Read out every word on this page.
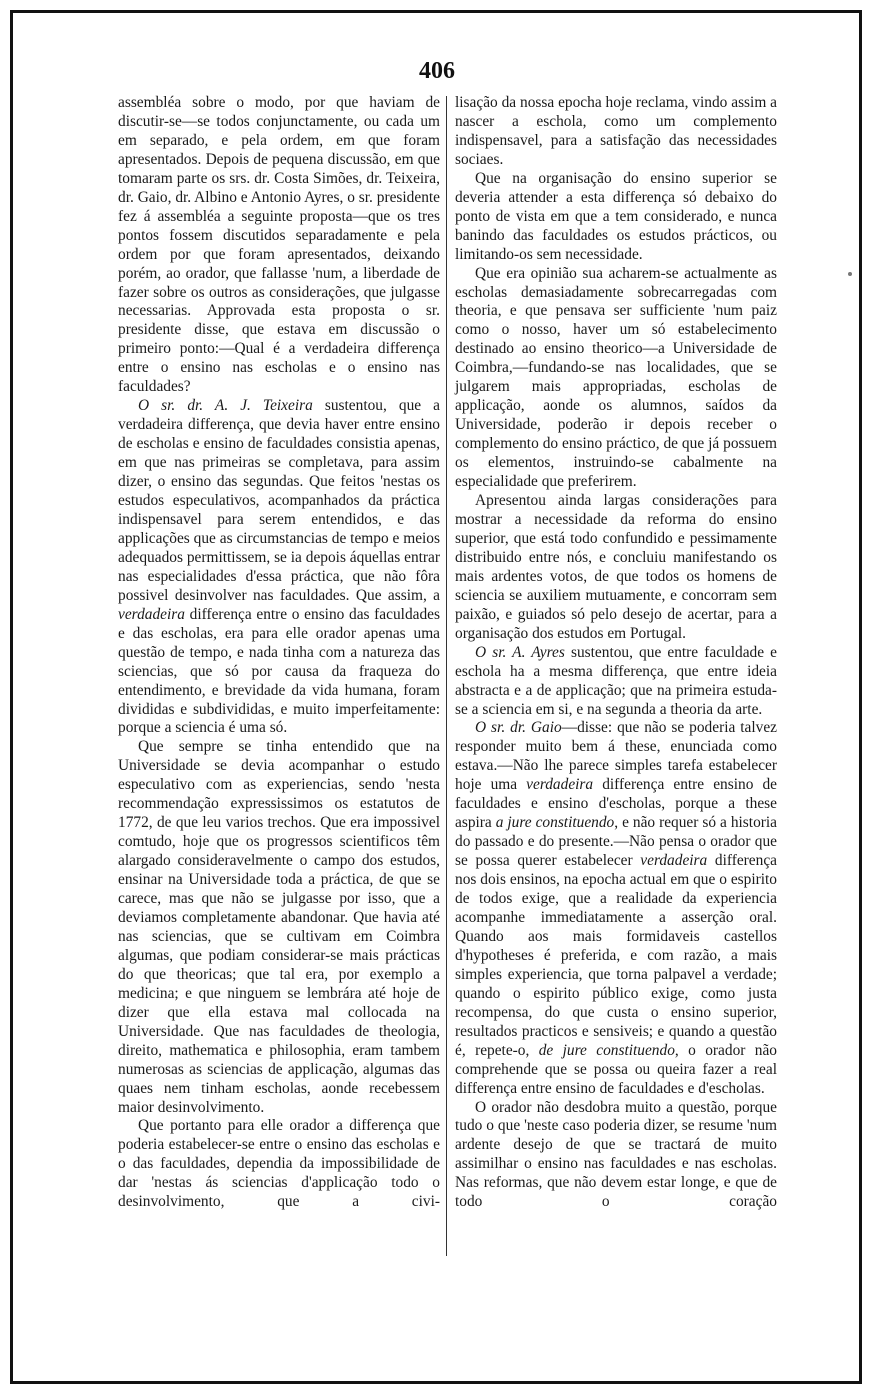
406

assembléa sobre o modo, por que haviam de discutir-se—se todos conjunctamente, ou cada um em separado, e pela ordem, em que foram apresentados. Depois de pequena discussão, em que tomaram parte os srs. dr. Costa Simões, dr. Teixeira, dr. Gaio, dr. Albino e Antonio Ayres, o sr. presidente fez á assembléa a seguinte proposta—que os tres pontos fossem discutidos separadamente e pela ordem por que foram apresentados, deixando porém, ao orador, que fallasse 'num, a liberdade de fazer sobre os outros as considerações, que julgasse necessarias. Approvada esta proposta o sr. presidente disse, que estava em discussão o primeiro ponto:—Qual é a verdadeira differença entre o ensino nas escholas e o ensino nas faculdades?

O sr. dr. A. J. Teixeira sustentou, que a verdadeira differença, que devia haver entre ensino de escholas e ensino de faculdades consistia apenas, em que nas primeiras se completava, para assim dizer, o ensino das segundas. Que feitos 'nestas os estudos especulativos, acompanhados da práctica indispensavel para serem entendidos, e das applicações que as circumstancias de tempo e meios adequados permittissem, se ia depois áquellas entrar nas especialidades d'essa práctica, que não fôra possivel desinvolver nas faculdades. Que assim, a verdadeira differença entre o ensino das faculdades e das escholas, era para elle orador apenas uma questão de tempo, e nada tinha com a natureza das sciencias, que só por causa da fraqueza do entendimento, e brevidade da vida humana, foram divididas e subdivididas, e muito imperfeitamente: porque a sciencia é uma só.

Que sempre se tinha entendido que na Universidade se devia acompanhar o estudo especulativo com as experiencias, sendo 'nesta recommendação expressissimos os estatutos de 1772, de que leu varios trechos. Que era impossivel comtudo, hoje que os progressos scientificos têm alargado consideravelmente o campo dos estudos, ensinar na Universidade toda a práctica, de que se carece, mas que não se julgasse por isso, que a deviamos completamente abandonar. Que havia até nas sciencias, que se cultivam em Coimbra algumas, que podiam considerar-se mais prácticas do que theoricas; que tal era, por exemplo a medicina; e que ninguem se lembrára até hoje de dizer que ella estava mal collocada na Universidade. Que nas faculdades de theologia, direito, mathematica e philosophia, eram tambem numerosas as sciencias de applicação, algumas das quaes nem tinham escholas, aonde recebessem maior desinvolvimento.

Que portanto para elle orador a differença que poderia estabelecer-se entre o ensino das escholas e o das faculdades, dependia da impossibilidade de dar 'nestas ás sciencias d'applicação todo o desinvolvimento, que a civi-

lisação da nossa epocha hoje reclama, vindo assim a nascer a eschola, como um complemento indispensavel, para a satisfação das necessidades sociaes.

Que na organisação do ensino superior se deveria attender a esta differença só debaixo do ponto de vista em que a tem considerado, e nunca banindo das faculdades os estudos prácticos, ou limitando-os sem necessidade.

Que era opinião sua acharem-se actualmente as escholas demasiadamente sobrecarregadas com theoria, e que pensava ser sufficiente 'num paiz como o nosso, haver um só estabelecimento destinado ao ensino theorico—a Universidade de Coimbra,—fundando-se nas localidades, que se julgarem mais appropriadas, escholas de applicação, aonde os alumnos, saídos da Universidade, poderão ir depois receber o complemento do ensino práctico, de que já possuem os elementos, instruindo-se cabalmente na especialidade que preferirem.

Apresentou ainda largas considerações para mostrar a necessidade da reforma do ensino superior, que está todo confundido e pessimamente distribuido entre nós, e concluiu manifestando os mais ardentes votos, de que todos os homens de sciencia se auxiliem mutuamente, e concorram sem paixão, e guiados só pelo desejo de acertar, para a organisação dos estudos em Portugal.

O sr. A. Ayres sustentou, que entre faculdade e eschola ha a mesma differença, que entre ideia abstracta e a de applicação; que na primeira estuda-se a sciencia em si, e na segunda a theoria da arte.

O sr. dr. Gaio—disse: que não se poderia talvez responder muito bem á these, enunciada como estava.—Não lhe parece simples tarefa estabelecer hoje uma verdadeira differença entre ensino de faculdades e ensino d'escholas, porque a these aspira a jure constituendo, e não requer só a historia do passado e do presente.—Não pensa o orador que se possa querer estabelecer verdadeira differença nos dois ensinos, na epocha actual em que o espirito de todos exige, que a realidade da experiencia acompanhe immediatamente a asserção oral. Quando aos mais formidaveis castellos d'hypotheses é preferida, e com razão, a mais simples experiencia, que torna palpavel a verdade; quando o espirito público exige, como justa recompensa, do que custa o ensino superior, resultados practicos e sensiveis; e quando a questão é, repete-o, de jure constituendo, o orador não comprehende que se possa ou queira fazer a real differença entre ensino de faculdades e d'escholas.

O orador não desdobra muito a questão, porque tudo o que 'neste caso poderia dizer, se resume 'num ardente desejo de que se tractará de muito assimilhar o ensino nas faculdades e nas escholas. Nas reformas, que não devem estar longe, e que de todo o coração
